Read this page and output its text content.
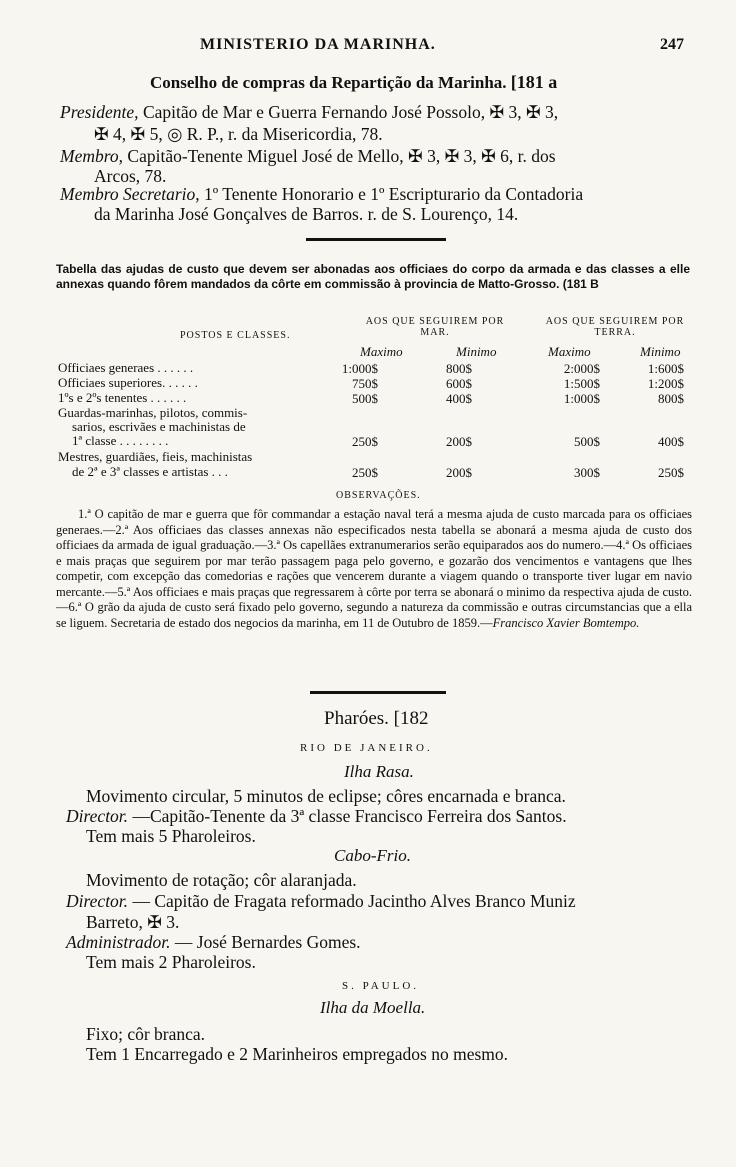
MINISTERIO DA MARINHA.	247
Conselho de compras da Repartição da Marinha. [181 a
Presidente, Capitão de Mar e Guerra Fernando José Possolo, ✠ 3, ✠ 3,
✠ 4, ✠ 5, ◎ R. P., r. da Misericordia, 78.
Membro, Capitão-Tenente Miguel José de Mello, ✠ 3, ✠ 3, ✠ 6, r. dos
Arcos, 78.
Membro Secretario, 1º Tenente Honorario e 1º Escripturario da Contadoria
da Marinha José Gonçalves de Barros. r. de S. Lourenço, 14.
Tabella das ajudas de custo que devem ser abonadas aos officiaes do corpo da armada e das classes a elle annexas quando fôrem mandados da côrte em commissão à provincia de Matto-Grosso. (181 B
POSTOS E CLASSES.
AOS QUE SEGUIREM POR
MAR.
AOS QUE SEGUIREM POR
TERRA.
Maximo	Minimo	Maximo	Minimo
Officiaes generaes . . . . . .	1:000$	800$	2:000$	1:600$
Officiaes superiores. . . . . .	750$	600$	1:500$	1:200$
1ºs e 2ºs tenentes . . . . . .	500$	400$	1:000$	800$
Guardas-marinhas, pilotos, commis-
sarios, escrivães e machinistas de
1ª classe . . . . . . . .	250$	200$	500$	400$
Mestres, guardiães, fieis, machinistas
de 2ª e 3ª classes e artistas . . .	250$	200$	300$	250$
OBSERVAÇÕES.
1.ª O capitão de mar e guerra que fôr commandar a estação naval terá a mesma ajuda de custo marcada para os officiaes generaes.—2.ª Aos officiaes das classes annexas não especificados nesta tabella se abonará a mesma ajuda de custo dos officiaes da armada de igual graduação.—3.ª Os capellães extranumerarios serão equiparados aos do numero.—4.ª Os officiaes e mais praças que seguirem por mar terão passagem paga pelo governo, e gozarão dos vencimentos e vantagens que lhes competir, com excepção das comedorias e rações que vencerem durante a viagem quando o transporte tiver lugar em navio mercante.—5.ª Aos officiaes e mais praças que regressarem à côrte por terra se abonará o minimo da respectiva ajuda de custo.—6.ª O grão da ajuda de custo será fixado pelo governo, segundo a natureza da commissão e outras circumstancias que a ella se liguem. Secretaria de estado dos negocios da marinha, em 11 de Outubro de 1859.—Francisco Xavier Bomtempo.
Pharóes. [182
RIO DE JANEIRO.
Ilha Rasa.
Movimento circular, 5 minutos de eclipse; côres encarnada e branca.
Director. —Capitão-Tenente da 3ª classe Francisco Ferreira dos Santos.
Tem mais 5 Pharoleiros.
Cabo-Frio.
Movimento de rotação; côr alaranjada.
Director. — Capitão de Fragata reformado Jacintho Alves Branco Muniz
Barreto, ✠ 3.
Administrador. — José Bernardes Gomes.
Tem mais 2 Pharoleiros.
S. PAULO.
Ilha da Moella.
Fixo; côr branca.
Tem 1 Encarregado e 2 Marinheiros empregados no mesmo.
